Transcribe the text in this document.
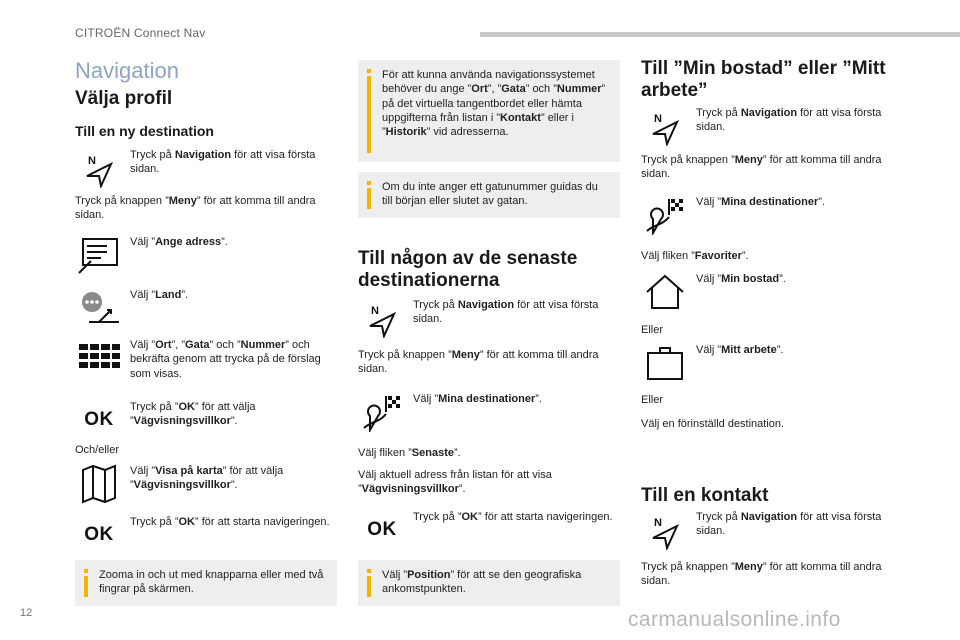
CITROËN Connect Nav
Navigation
Välja profil
Till en ny destination
N	Tryck på Navigation för att visa första sidan.
Tryck på knappen ”Meny” för att komma till andra sidan.
Välj ”Ange adress”.
Välj ”Land”.
Välj ”Ort”, ”Gata” och ”Nummer” och bekräfta genom att trycka på de förslag som visas.
OK
Tryck på ”OK” för att välja ”Vägvisningsvillkor”.
Och/eller
Välj ”Visa på karta” för att välja ”Vägvisningsvillkor”.
OK
Tryck på ”OK” för att starta navigeringen.
Zooma in och ut med knapparna eller med två fingrar på skärmen.
För att kunna använda navigationssystemet behöver du ange ”Ort”, ”Gata” och ”Nummer” på det virtuella tangentbordet eller hämta uppgifterna från listan i ”Kontakt” eller i ”Historik” vid adresserna.
Om du inte anger ett gatunummer guidas du till början eller slutet av gatan.
Till någon av de senaste destinationerna
N	Tryck på Navigation för att visa första sidan.
Tryck på knappen ”Meny” för att komma till andra sidan.
Välj ”Mina destinationer”.
Välj fliken ”Senaste”.
Välj aktuell adress från listan för att visa ”Vägvisningsvillkor”.
OK
Tryck på ”OK” för att starta navigeringen.
Välj ”Position” för att se den geografiska ankomstpunkten.
Till ”Min bostad” eller ”Mitt arbete”
N	Tryck på Navigation för att visa första sidan.
Tryck på knappen ”Meny” för att komma till andra sidan.
Välj ”Mina destinationer”.
Välj fliken ”Favoriter”.
Välj ”Min bostad”.
Eller
Välj ”Mitt arbete”.
Eller
Välj en förinställd destination.
Till en kontakt
N	Tryck på Navigation för att visa första sidan.
Tryck på knappen ”Meny” för att komma till andra sidan.
12	carmanualsonline.info
